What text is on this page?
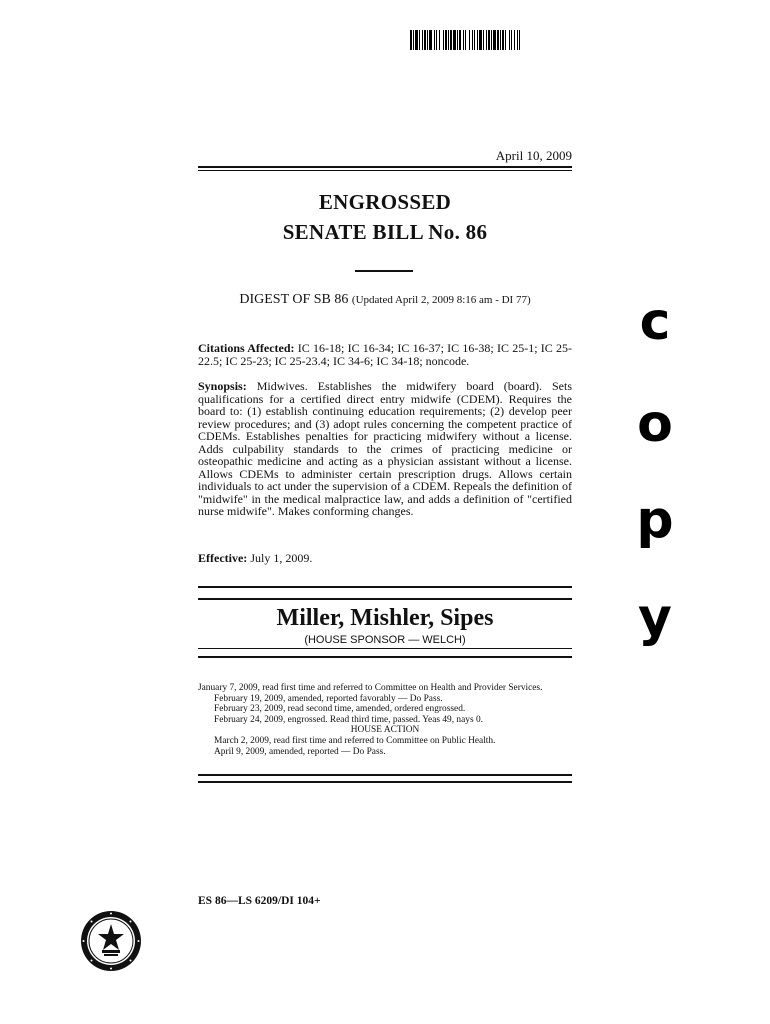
April 10, 2009
ENGROSSED
SENATE BILL No. 86
DIGEST OF SB 86 (Updated April 2, 2009 8:16 am - DI 77)
Citations Affected: IC 16-18; IC 16-34; IC 16-37; IC 16-38; IC 25-1; IC 25-22.5; IC 25-23; IC 25-23.4; IC 34-6; IC 34-18; noncode.
Synopsis: Midwives. Establishes the midwifery board (board). Sets qualifications for a certified direct entry midwife (CDEM). Requires the board to: (1) establish continuing education requirements; (2) develop peer review procedures; and (3) adopt rules concerning the competent practice of CDEMs. Establishes penalties for practicing midwifery without a license. Adds culpability standards to the crimes of practicing medicine or osteopathic medicine and acting as a physician assistant without a license. Allows CDEMs to administer certain prescription drugs. Allows certain individuals to act under the supervision of a CDEM. Repeals the definition of "midwife" in the medical malpractice law, and adds a definition of "certified nurse midwife". Makes conforming changes.
Effective: July 1, 2009.
Miller, Mishler, Sipes
(HOUSE SPONSOR — WELCH)
January 7, 2009, read first time and referred to Committee on Health and Provider Services.
February 19, 2009, amended, reported favorably — Do Pass.
February 23, 2009, read second time, amended, ordered engrossed.
February 24, 2009, engrossed. Read third time, passed. Yeas 49, nays 0.
HOUSE ACTION
March 2, 2009, read first time and referred to Committee on Public Health.
April 9, 2009, amended, reported — Do Pass.
ES 86—LS 6209/DI 104+
c
o
p
y
